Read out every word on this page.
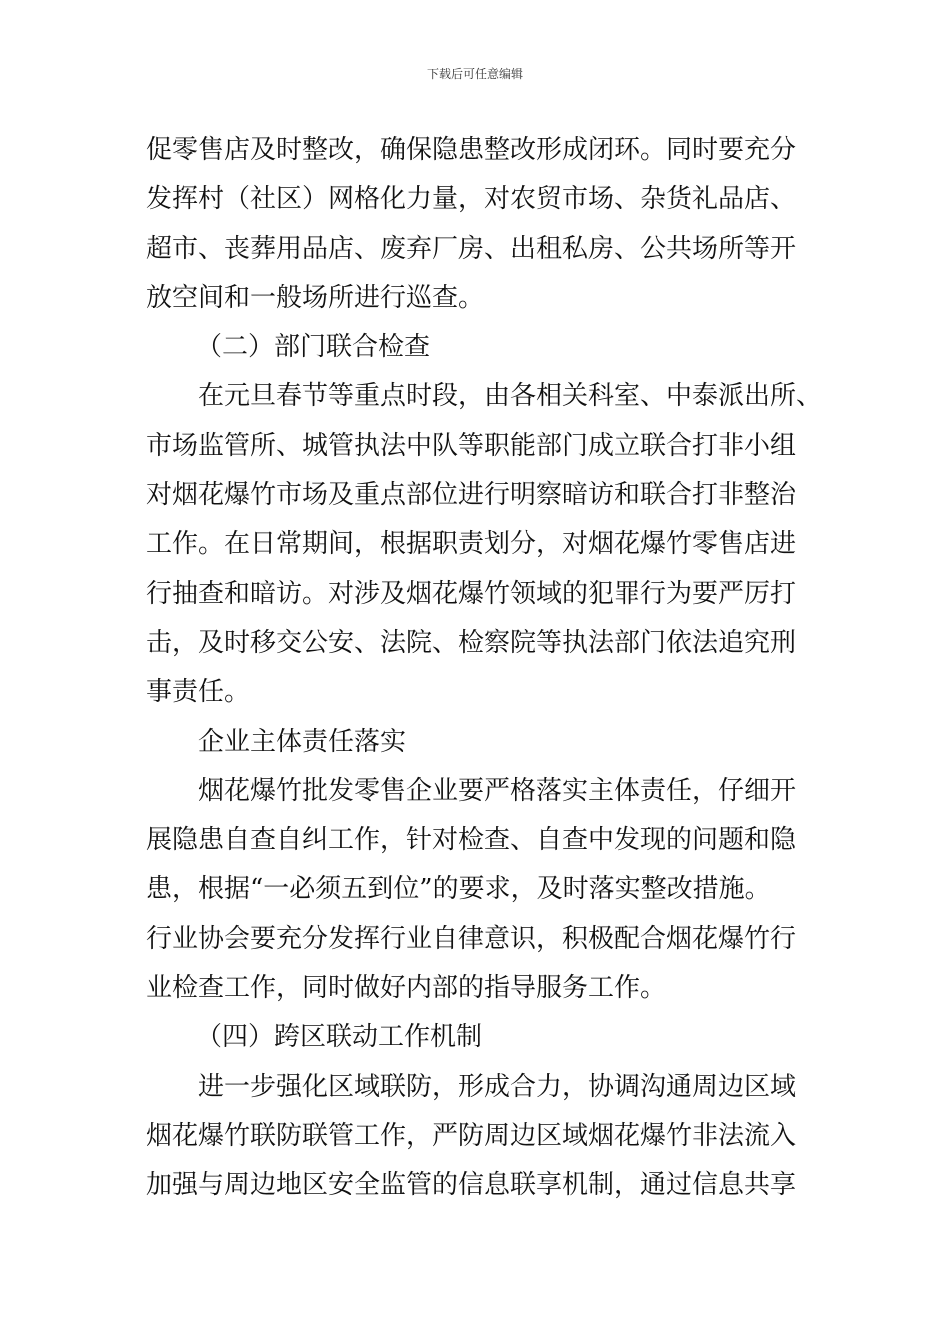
下载后可任意编辑
促零售店及时整改，确保隐患整改形成闭环。同时要充分
发挥村（社区）网格化力量，对农贸市场、杂货礼品店、
超市、丧葬用品店、废弃厂房、出租私房、公共场所等开
放空间和一般场所进行巡查。
（二）部门联合检查
在元旦春节等重点时段，由各相关科室、中泰派出所、
市场监管所、城管执法中队等职能部门成立联合打非小组
对烟花爆竹市场及重点部位进行明察暗访和联合打非整治
工作。在日常期间，根据职责划分，对烟花爆竹零售店进
行抽查和暗访。对涉及烟花爆竹领域的犯罪行为要严厉打
击，及时移交公安、法院、检察院等执法部门依法追究刑
事责任。
企业主体责任落实
烟花爆竹批发零售企业要严格落实主体责任，仔细开
展隐患自查自纠工作，针对检查、自查中发现的问题和隐
患，根据“一必须五到位”的要求，及时落实整改措施。
行业协会要充分发挥行业自律意识，积极配合烟花爆竹行
业检查工作，同时做好内部的指导服务工作。
（四）跨区联动工作机制
进一步强化区域联防，形成合力，协调沟通周边区域
烟花爆竹联防联管工作，严防周边区域烟花爆竹非法流入
加强与周边地区安全监管的信息联享机制，通过信息共享
